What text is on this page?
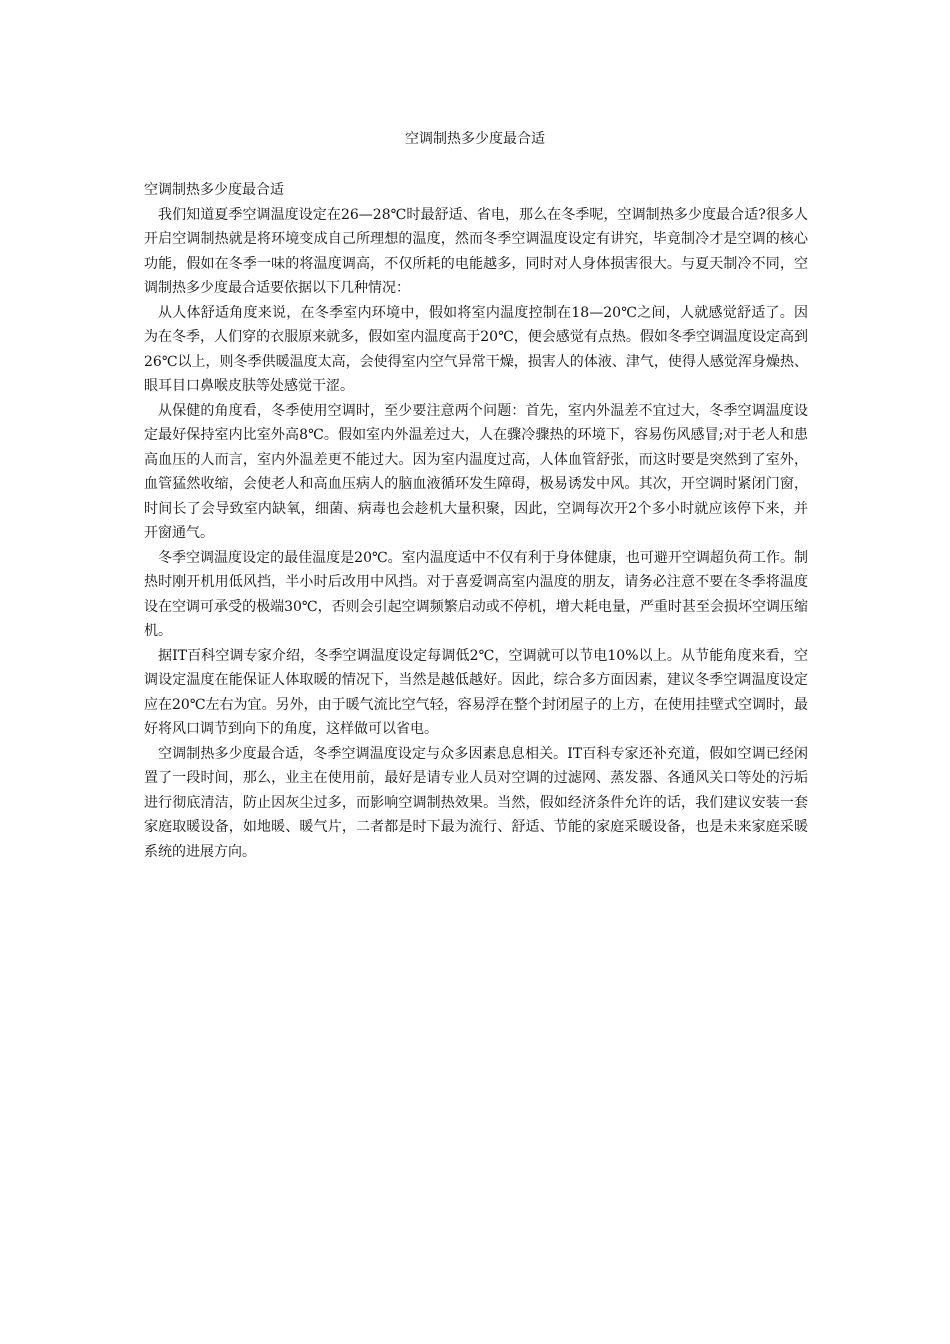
空调制热多少度最合适

空调制热多少度最合适

我们知道夏季空调温度设定在26—28℃时最舒适、省电，那么在冬季呢，空调制热多少度最合适?很多人开启空调制热就是将环境变成自己所理想的温度，然而冬季空调温度设定有讲究，毕竟制冷才是空调的核心功能，假如在冬季一味的将温度调高，不仅所耗的电能越多，同时对人身体损害很大。与夏天制冷不同，空调制热多少度最合适要依据以下几种情况：

从人体舒适角度来说，在冬季室内环境中，假如将室内温度控制在18—20℃之间，人就感觉舒适了。因为在冬季，人们穿的衣服原来就多，假如室内温度高于20℃，便会感觉有点热。假如冬季空调温度设定高到26℃以上，则冬季供暖温度太高，会使得室内空气异常干燥，损害人的体液、津气，使得人感觉浑身燥热、眼耳目口鼻喉皮肤等处感觉干涩。

从保健的角度看，冬季使用空调时，至少要注意两个问题：首先，室内外温差不宜过大，冬季空调温度设定最好保持室内比室外高8℃。假如室内外温差过大，人在骤冷骤热的环境下，容易伤风感冒;对于老人和患高血压的人而言，室内外温差更不能过大。因为室内温度过高，人体血管舒张，而这时要是突然到了室外，血管猛然收缩，会使老人和高血压病人的脑血液循环发生障碍，极易诱发中风。其次，开空调时紧闭门窗，时间长了会导致室内缺氧，细菌、病毒也会趁机大量积聚，因此，空调每次开2个多小时就应该停下来，并开窗通气。

冬季空调温度设定的最佳温度是20℃。室内温度适中不仅有利于身体健康，也可避开空调超负荷工作。制热时刚开机用低风挡，半小时后改用中风挡。对于喜爱调高室内温度的朋友，请务必注意不要在冬季将温度设在空调可承受的极端30℃，否则会引起空调频繁启动或不停机，增大耗电量，严重时甚至会损坏空调压缩机。

据IT百科空调专家介绍，冬季空调温度设定每调低2℃，空调就可以节电10%以上。从节能角度来看，空调设定温度在能保证人体取暖的情况下，当然是越低越好。因此，综合多方面因素，建议冬季空调温度设定应在20℃左右为宜。另外，由于暖气流比空气轻，容易浮在整个封闭屋子的上方，在使用挂壁式空调时，最好将风口调节到向下的角度，这样做可以省电。

空调制热多少度最合适，冬季空调温度设定与众多因素息息相关。IT百科专家还补充道，假如空调已经闲置了一段时间，那么，业主在使用前，最好是请专业人员对空调的过滤网、蒸发器、各通风关口等处的污垢进行彻底清洁，防止因灰尘过多，而影响空调制热效果。当然，假如经济条件允许的话，我们建议安装一套家庭取暖设备，如地暖、暖气片，二者都是时下最为流行、舒适、节能的家庭采暖设备，也是未来家庭采暖系统的进展方向。
